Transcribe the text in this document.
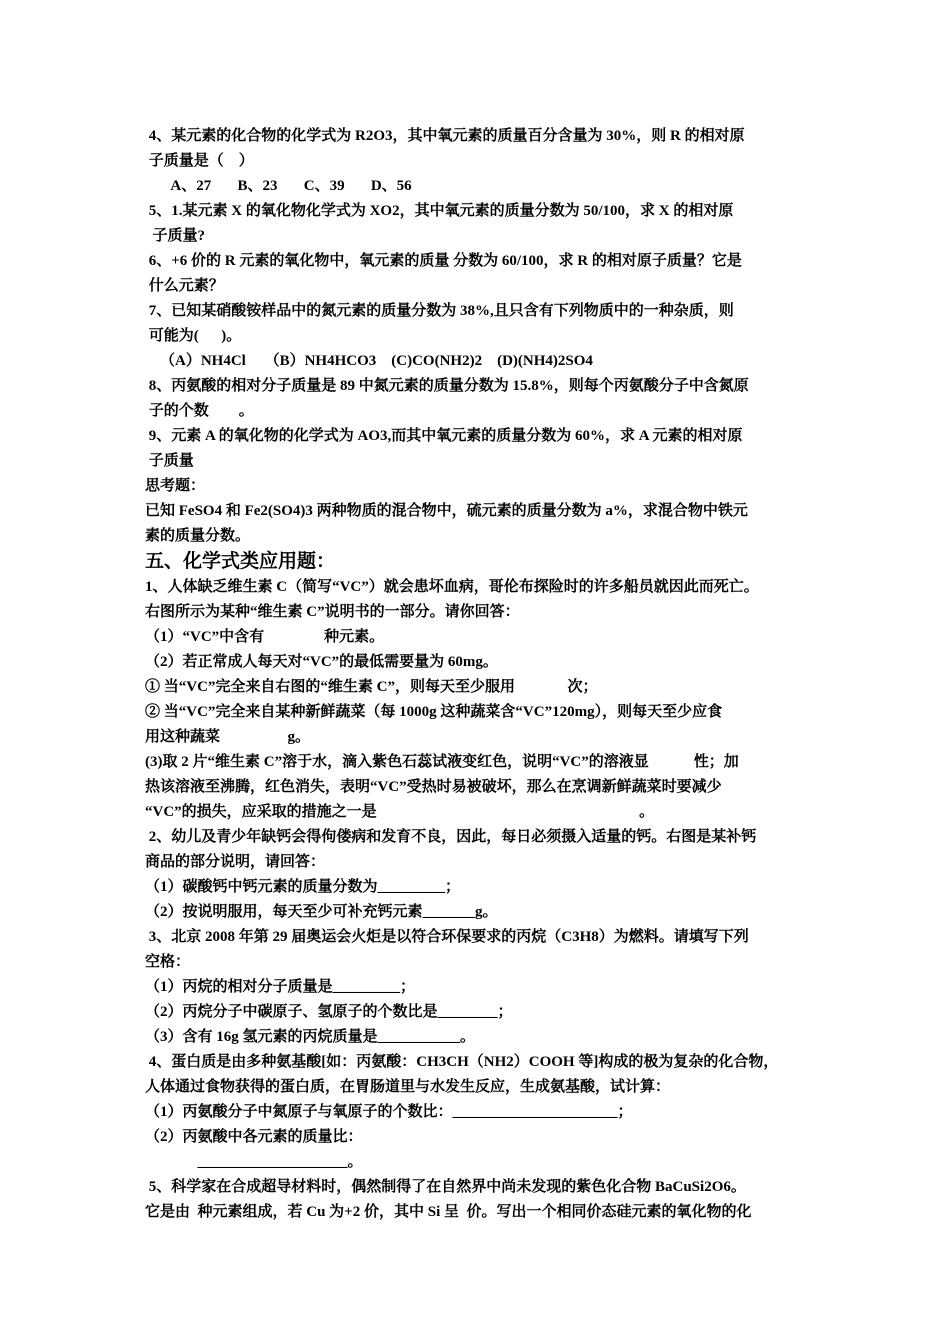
4、某元素的化合物的化学式为 R2O3，其中氧元素的质量百分含量为 30%，则 R 的相对原
子质量是（    ）
A、27       B、23       C、39       D、56
5、1.某元素 X 的氧化物化学式为 XO2，其中氧元素的质量分数为 50/100，求 X 的相对原
子质量?
6、+6 价的 R 元素的氧化物中，氧元素的质量 分数为 60/100，求 R 的相对原子质量？它是
什么元素？
7、已知某硝酸铵样品中的氮元素的质量分数为 38%,且只含有下列物质中的一种杂质，则
可能为(      )。
（A）NH4Cl     （B）NH4HCO3    (C)CO(NH2)2    (D)(NH4)2SO4
8、丙氨酸的相对分子质量是 89 中氮元素的质量分数为 15.8%，则每个丙氨酸分子中含氮原
子的个数        。
9、元素 A 的氧化物的化学式为 AO3,而其中氧元素的质量分数为 60%，求 A 元素的相对原
子质量
思考题：
已知 FeSO4 和 Fe2(SO4)3 两种物质的混合物中，硫元素的质量分数为 a%，求混合物中铁元
素的质量分数。
五、化学式类应用题：
1、人体缺乏维生素 C（简写“VC”）就会患坏血病，哥伦布探险时的许多船员就因此而死亡。
右图所示为某种“维生素 C”说明书的一部分。请你回答：
（1）“VC”中含有                种元素。
（2）若正常成人每天对“VC”的最低需要量为 60mg。
① 当“VC”完全来自右图的“维生素 C”，则每天至少服用              次；
② 当“VC”完全来自某种新鲜蔬菜（每 1000g 这种蔬菜含“VC”120mg），则每天至少应食
用这种蔬菜                  g。
(3)取 2 片“维生素 C”溶于水，滴入紫色石蕊试液变红色，说明“VC”的溶液显            性；加
热该溶液至沸腾，红色消失，表明“VC”受热时易被破坏，那么在烹调新鲜蔬菜时要减少
“VC”的损失，应采取的措施之一是                                                                      。
2、幼儿及青少年缺钙会得佝偻病和发育不良，因此，每日必须摄入适量的钙。右图是某补钙
商品的部分说明，请回答：
（1）碳酸钙中钙元素的质量分数为_________；
（2）按说明服用，每天至少可补充钙元素_______g。
3、北京 2008 年第 29 届奥运会火炬是以符合环保要求的丙烷（C3H8）为燃料。请填写下列
空格：
（1）丙烷的相对分子质量是_________；
（2）丙烷分子中碳原子、氢原子的个数比是________；
（3）含有 16g 氢元素的丙烷质量是___________。
4、蛋白质是由多种氨基酸[如：丙氨酸：CH3CH（NH2）COOH 等]构成的极为复杂的化合物，
人体通过食物获得的蛋白质，在胃肠道里与水发生反应，生成氨基酸，试计算：
（1）丙氨酸分子中氮原子与氧原子的个数比：______________________；
（2）丙氨酸中各元素的质量比：
____________________。
5、科学家在合成超导材料时，偶然制得了在自然界中尚未发现的紫色化合物 BaCuSi2O6。
它是由  种元素组成，若 Cu 为+2 价，其中 Si 呈  价。写出一个相同价态硅元素的氧化物的化
